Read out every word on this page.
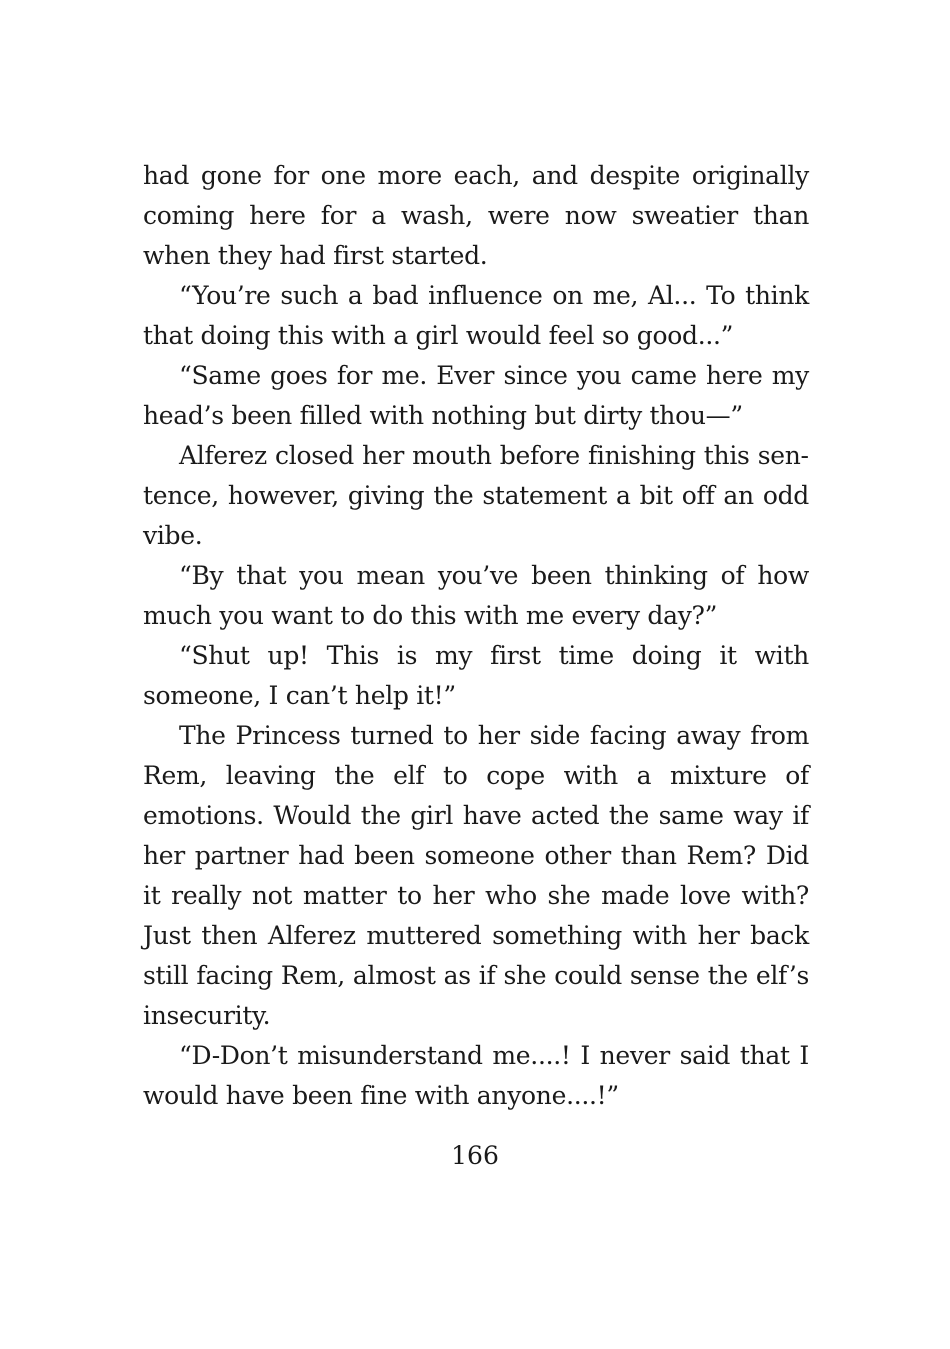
had gone for one more each, and despite originally coming here for a wash, were now sweatier than when they had first started.

“You’re such a bad influence on me, Al... To think that doing this with a girl would feel so good...”

“Same goes for me. Ever since you came here my head’s been filled with nothing but dirty thou—”

Alferez closed her mouth before finishing this sentence, however, giving the statement a bit off an odd vibe.

“By that you mean you’ve been thinking of how much you want to do this with me every day?”

“Shut up! This is my first time doing it with someone, I can’t help it!”

The Princess turned to her side facing away from Rem, leaving the elf to cope with a mixture of emotions. Would the girl have acted the same way if her partner had been someone other than Rem? Did it really not matter to her who she made love with? Just then Alferez muttered something with her back still facing Rem, almost as if she could sense the elf’s insecurity.

“D-Don’t misunderstand me....! I never said that I would have been fine with anyone....!”

166
